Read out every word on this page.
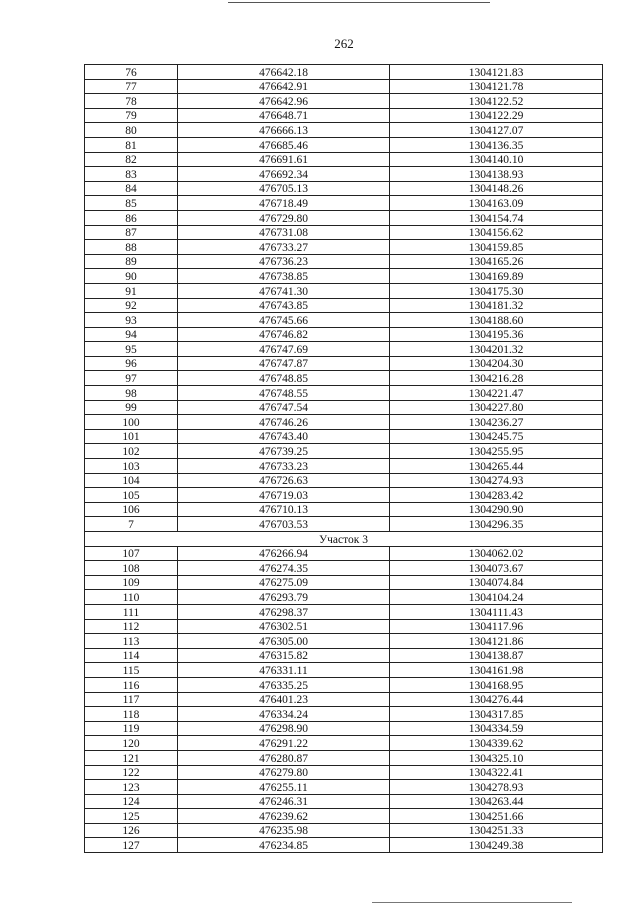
262
76	476642.18	1304121.83
77	476642.91	1304121.78
78	476642.96	1304122.52
79	476648.71	1304122.29
80	476666.13	1304127.07
81	476685.46	1304136.35
82	476691.61	1304140.10
83	476692.34	1304138.93
84	476705.13	1304148.26
85	476718.49	1304163.09
86	476729.80	1304154.74
87	476731.08	1304156.62
88	476733.27	1304159.85
89	476736.23	1304165.26
90	476738.85	1304169.89
91	476741.30	1304175.30
92	476743.85	1304181.32
93	476745.66	1304188.60
94	476746.82	1304195.36
95	476747.69	1304201.32
96	476747.87	1304204.30
97	476748.85	1304216.28
98	476748.55	1304221.47
99	476747.54	1304227.80
100	476746.26	1304236.27
101	476743.40	1304245.75
102	476739.25	1304255.95
103	476733.23	1304265.44
104	476726.63	1304274.93
105	476719.03	1304283.42
106	476710.13	1304290.90
7	476703.53	1304296.35
Участок 3		
107	476266.94	1304062.02
108	476274.35	1304073.67
109	476275.09	1304074.84
110	476293.79	1304104.24
111	476298.37	1304111.43
112	476302.51	1304117.96
113	476305.00	1304121.86
114	476315.82	1304138.87
115	476331.11	1304161.98
116	476335.25	1304168.95
117	476401.23	1304276.44
118	476334.24	1304317.85
119	476298.90	1304334.59
120	476291.22	1304339.62
121	476280.87	1304325.10
122	476279.80	1304322.41
123	476255.11	1304278.93
124	476246.31	1304263.44
125	476239.62	1304251.66
126	476235.98	1304251.33
127	476234.85	1304249.38
